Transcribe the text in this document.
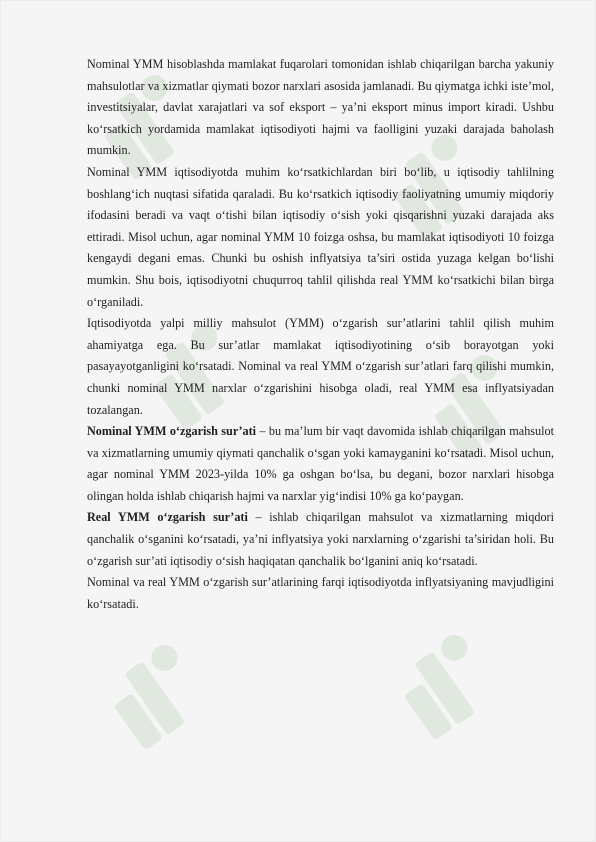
Nominal YMM hisoblashda mamlakat fuqarolari tomonidan ishlab chiqarilgan barcha yakuniy mahsulotlar va xizmatlar qiymati bozor narxlari asosida jamlanadi. Bu qiymatga ichki iste’mol, investitsiyalar, davlat xarajatlari va sof eksport – ya’ni eksport minus import kiradi. Ushbu ko‘rsatkich yordamida mamlakat iqtisodiyoti hajmi va faolligini yuzaki darajada baholash mumkin.

Nominal YMM iqtisodiyotda muhim ko‘rsatkichlardan biri bo‘lib, u iqtisodiy tahlilning boshlang‘ich nuqtasi sifatida qaraladi. Bu ko‘rsatkich iqtisodiy faoliyatning umumiy miqdoriy ifodasini beradi va vaqt o‘tishi bilan iqtisodiy o‘sish yoki qisqarishni yuzaki darajada aks ettiradi. Misol uchun, agar nominal YMM 10 foizga oshsa, bu mamlakat iqtisodiyoti 10 foizga kengaydi degani emas. Chunki bu oshish inflyatsiya ta’siri ostida yuzaga kelgan bo‘lishi mumkin. Shu bois, iqtisodiyotni chuqurroq tahlil qilishda real YMM ko‘rsatkichi bilan birga o‘rganiladi.

Iqtisodiyotda yalpi milliy mahsulot (YMM) o‘zgarish sur’atlarini tahlil qilish muhim ahamiyatga ega. Bu sur’atlar mamlakat iqtisodiyotining o‘sib borayotgan yoki pasayayotganligini ko‘rsatadi. Nominal va real YMM o‘zgarish sur’atlari farq qilishi mumkin, chunki nominal YMM narxlar o‘zgarishini hisobga oladi, real YMM esa inflyatsiyadan tozalangan.

Nominal YMM o‘zgarish sur’ati – bu ma’lum bir vaqt davomida ishlab chiqarilgan mahsulot va xizmatlarning umumiy qiymati qanchalik o‘sgan yoki kamayganini ko‘rsatadi. Misol uchun, agar nominal YMM 2023-yilda 10% ga oshgan bo‘lsa, bu degani, bozor narxlari hisobga olingan holda ishlab chiqarish hajmi va narxlar yig‘indisi 10% ga ko‘paygan.

Real YMM o‘zgarish sur’ati – ishlab chiqarilgan mahsulot va xizmatlarning miqdori qanchalik o‘sganini ko‘rsatadi, ya’ni inflyatsiya yoki narxlarning o‘zgarishi ta’siridan holi. Bu o‘zgarish sur’ati iqtisodiy o‘sish haqiqatan qanchalik bo‘lganini aniq ko‘rsatadi.

Nominal va real YMM o‘zgarish sur’atlarining farqi iqtisodiyotda inflyatsiyaning mavjudligini ko‘rsatadi.
